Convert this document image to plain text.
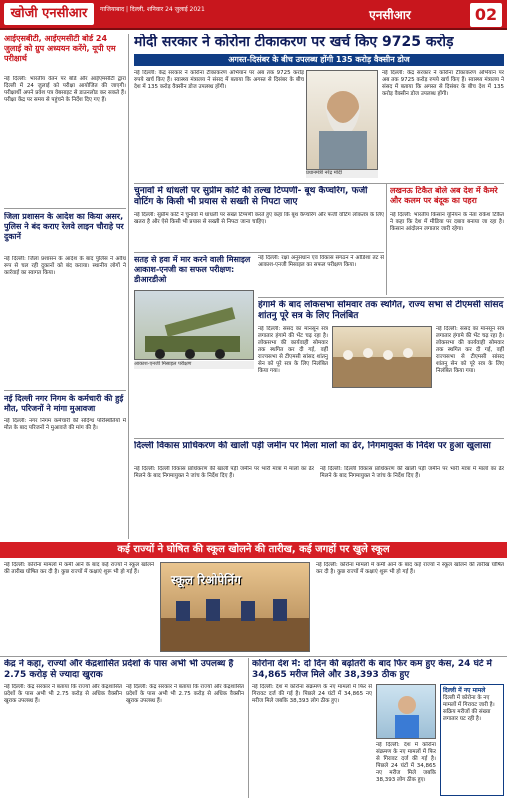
खोजी एनसीआर	गाजियाबाद | दिल्ली, शनिवार 24 जुलाई 2021	एनसीआर	02
आईएसबीटी, आईएमसीटी बोर्ड 24 जुलाई को ग्रुप अध्ययन करेंगे, यूपी एम परीक्षार्थ
नई दिल्ली: भारतीय वेतन पर बोर्ड और आईएमसीटी द्वारा दिल्ली में 24 जुलाई को परीक्षा आयोजित की जाएगी। परीक्षार्थी अपने प्रवेश पत्र वेबसाइट से डाउनलोड कर सकते हैं। परीक्षा केंद्र पर समय से पहुंचने के निर्देश दिए गए हैं।
जिला प्रशासन के आदेश का किया असर, पुलिस ने बंद कराए रेलवे लाइन चौराहे पर दुकानें
नई दिल्ली: जिला प्रशासन के आदेश के बाद पुलिस ने अवैध रूप से चल रही दुकानों को बंद कराया। स्थानीय लोगों ने कार्रवाई का स्वागत किया।
नई दिल्ली नगर निगम के कर्मचारी की हुई मौत, परिजनों ने मांगा मुआवजा
नई दिल्ली: नगर निगम कर्मचारी की संदिग्ध परिस्थितियों में मौत के बाद परिजनों ने मुआवजे की मांग की है।
मोदी सरकार ने कोरोना टीकाकरण पर खर्च किए 9725 करोड़
अगस्त-दिसंबर के बीच उपलब्ध होंगी 135 करोड़ वैक्सीन डोज
नई दिल्ली: केंद्र सरकार ने कोरोना टीकाकरण अभियान पर अब तक 9725 करोड़ रुपये खर्च किए हैं। स्वास्थ्य मंत्रालय ने संसद में बताया कि अगस्त से दिसंबर के बीच देश में 135 करोड़ वैक्सीन डोज उपलब्ध होंगी।
प्रधानमंत्री नरेंद्र मोदी
नई दिल्ली: केंद्र सरकार ने कोरोना टीकाकरण अभियान पर अब तक 9725 करोड़ रुपये खर्च किए हैं। स्वास्थ्य मंत्रालय ने संसद में बताया कि अगस्त से दिसंबर के बीच देश में 135 करोड़ वैक्सीन डोज उपलब्ध होंगी।
चुनावों में धांधली पर सुप्रीम कोर्ट की तल्ख टिप्पणी- बूथ कैप्चरिंग, फर्जी वोटिंग के किसी भी प्रयास से सख्ती से निपटा जाए
नई दिल्ली: सुप्रीम कोर्ट ने चुनावों में धांधली पर सख्त टिप्पणी करते हुए कहा कि बूथ कैप्चरिंग और फर्जी वोटिंग लोकतंत्र के लिए खतरा है और ऐसे किसी भी प्रयास से सख्ती से निपटा जाना चाहिए।
लखनऊ टिकैत बोले अब देश में कैमरे और कलम पर बंदूक का पहरा
नई दिल्ली: भारतीय किसान यूनियन के नेता राकेश टिकैत ने कहा कि देश में मीडिया पर दबाव बनाया जा रहा है। किसान आंदोलन लगातार जारी रहेगा।
सतह से हवा में मार करने वाली मिसाइल आकाश-एनजी का सफल परीक्षण: डीआरडीओ
आकाश-एनजी मिसाइल परीक्षण
नई दिल्ली: रक्षा अनुसंधान एवं विकास संगठन ने ओडिशा तट से आकाश-एनजी मिसाइल का सफल परीक्षण किया।
हंगामे के बाद लोकसभा सोमवार तक स्थगित, राज्य सभा से टीएमसी सांसद शांतनु पूरे सत्र के लिए निलंबित
नई दिल्ली: संसद का मानसून सत्र लगातार हंगामे की भेंट चढ़ रहा है। लोकसभा की कार्यवाही सोमवार तक स्थगित कर दी गई, वहीं राज्यसभा से टीएमसी सांसद शांतनु सेन को पूरे सत्र के लिए निलंबित किया गया।
नई दिल्ली: संसद का मानसून सत्र लगातार हंगामे की भेंट चढ़ रहा है। लोकसभा की कार्यवाही सोमवार तक स्थगित कर दी गई, वहीं राज्यसभा से टीएमसी सांसद शांतनु सेन को पूरे सत्र के लिए निलंबित किया गया।
दिल्ली विकास प्राधिकरण की खाली पड़ी जमीन पर मिला मालों का ढेर, निगमायुक्त के निर्देश पर हुआ खुलासा
नई दिल्ली: दिल्ली विकास प्राधिकरण की खाली पड़ी जमीन पर भारी मात्रा में मालों का ढेर मिलने के बाद निगमायुक्त ने जांच के निर्देश दिए हैं।
नई दिल्ली: दिल्ली विकास प्राधिकरण की खाली पड़ी जमीन पर भारी मात्रा में मालों का ढेर मिलने के बाद निगमायुक्त ने जांच के निर्देश दिए हैं।
कई राज्यों ने घोषित की स्कूल खोलने की तारीख, कई जगहों पर खुले स्कूल
नई दिल्ली: कोरोना मामलों में कमी आने के बाद कई राज्यों ने स्कूल खोलने की तारीख घोषित कर दी है। कुछ राज्यों में कक्षाएं शुरू भी हो गई हैं।
स्कूल रिओपेनिंग
नई दिल्ली: कोरोना मामलों में कमी आने के बाद कई राज्यों ने स्कूल खोलने की तारीख घोषित कर दी है। कुछ राज्यों में कक्षाएं शुरू भी हो गई हैं।
केंद्र ने कहा, राज्यों और केंद्रशासित प्रदेशों के पास अभी भी उपलब्ध हैं 2.75 करोड़ से ज्यादा खुराक
नई दिल्ली: केंद्र सरकार ने बताया कि राज्यों और केंद्रशासित प्रदेशों के पास अभी भी 2.75 करोड़ से अधिक वैक्सीन खुराक उपलब्ध हैं।
नई दिल्ली: केंद्र सरकार ने बताया कि राज्यों और केंद्रशासित प्रदेशों के पास अभी भी 2.75 करोड़ से अधिक वैक्सीन खुराक उपलब्ध हैं।
कोरोना देश में: दो दिन की बढ़ोतरी के बाद फिर कम हुए केस, 24 घंटे में 34,865 मरीज मिले और 38,393 ठीक हुए
नई दिल्ली: देश में कोरोना संक्रमण के नए मामलों में फिर से गिरावट दर्ज की गई है। पिछले 24 घंटों में 34,865 नए मरीज मिले जबकि 38,393 लोग ठीक हुए।
दिल्ली में नए मामले
दिल्ली में कोरोना के नए मामलों में गिरावट जारी है। सक्रिय मरीजों की संख्या लगातार घट रही है।
नई दिल्ली: देश में कोरोना संक्रमण के नए मामलों में फिर से गिरावट दर्ज की गई है। पिछले 24 घंटों में 34,865 नए मरीज मिले जबकि 38,393 लोग ठीक हुए।
